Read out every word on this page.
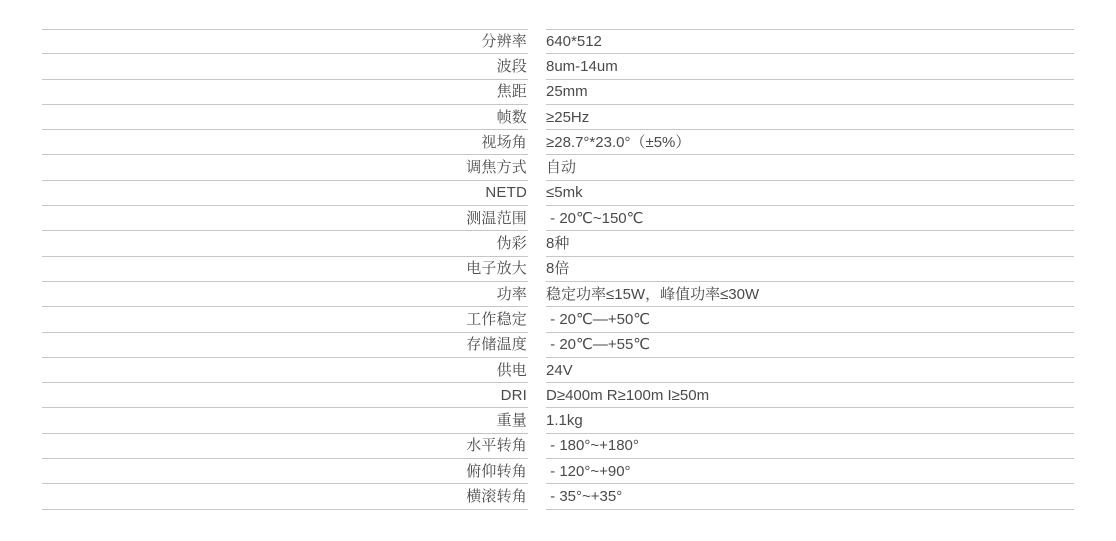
分辨率 640*512
波段 8um-14um
焦距 25mm
帧数 ≥25Hz
视场角 ≥28.7°*23.0°（±5%）
调焦方式 自动
NETD ≤5mk
测温范围 - 20℃~150℃
伪彩 8种
电子放大 8倍
功率 稳定功率≤15W，峰值功率≤30W
工作稳定 - 20℃—+50℃
存储温度 - 20℃—+55℃
供电 24V
DRI D≥400m R≥100m I≥50m
重量 1.1kg
水平转角 - 180°~+180°
俯仰转角 - 120°~+90°
横滚转角 - 35°~+35°
